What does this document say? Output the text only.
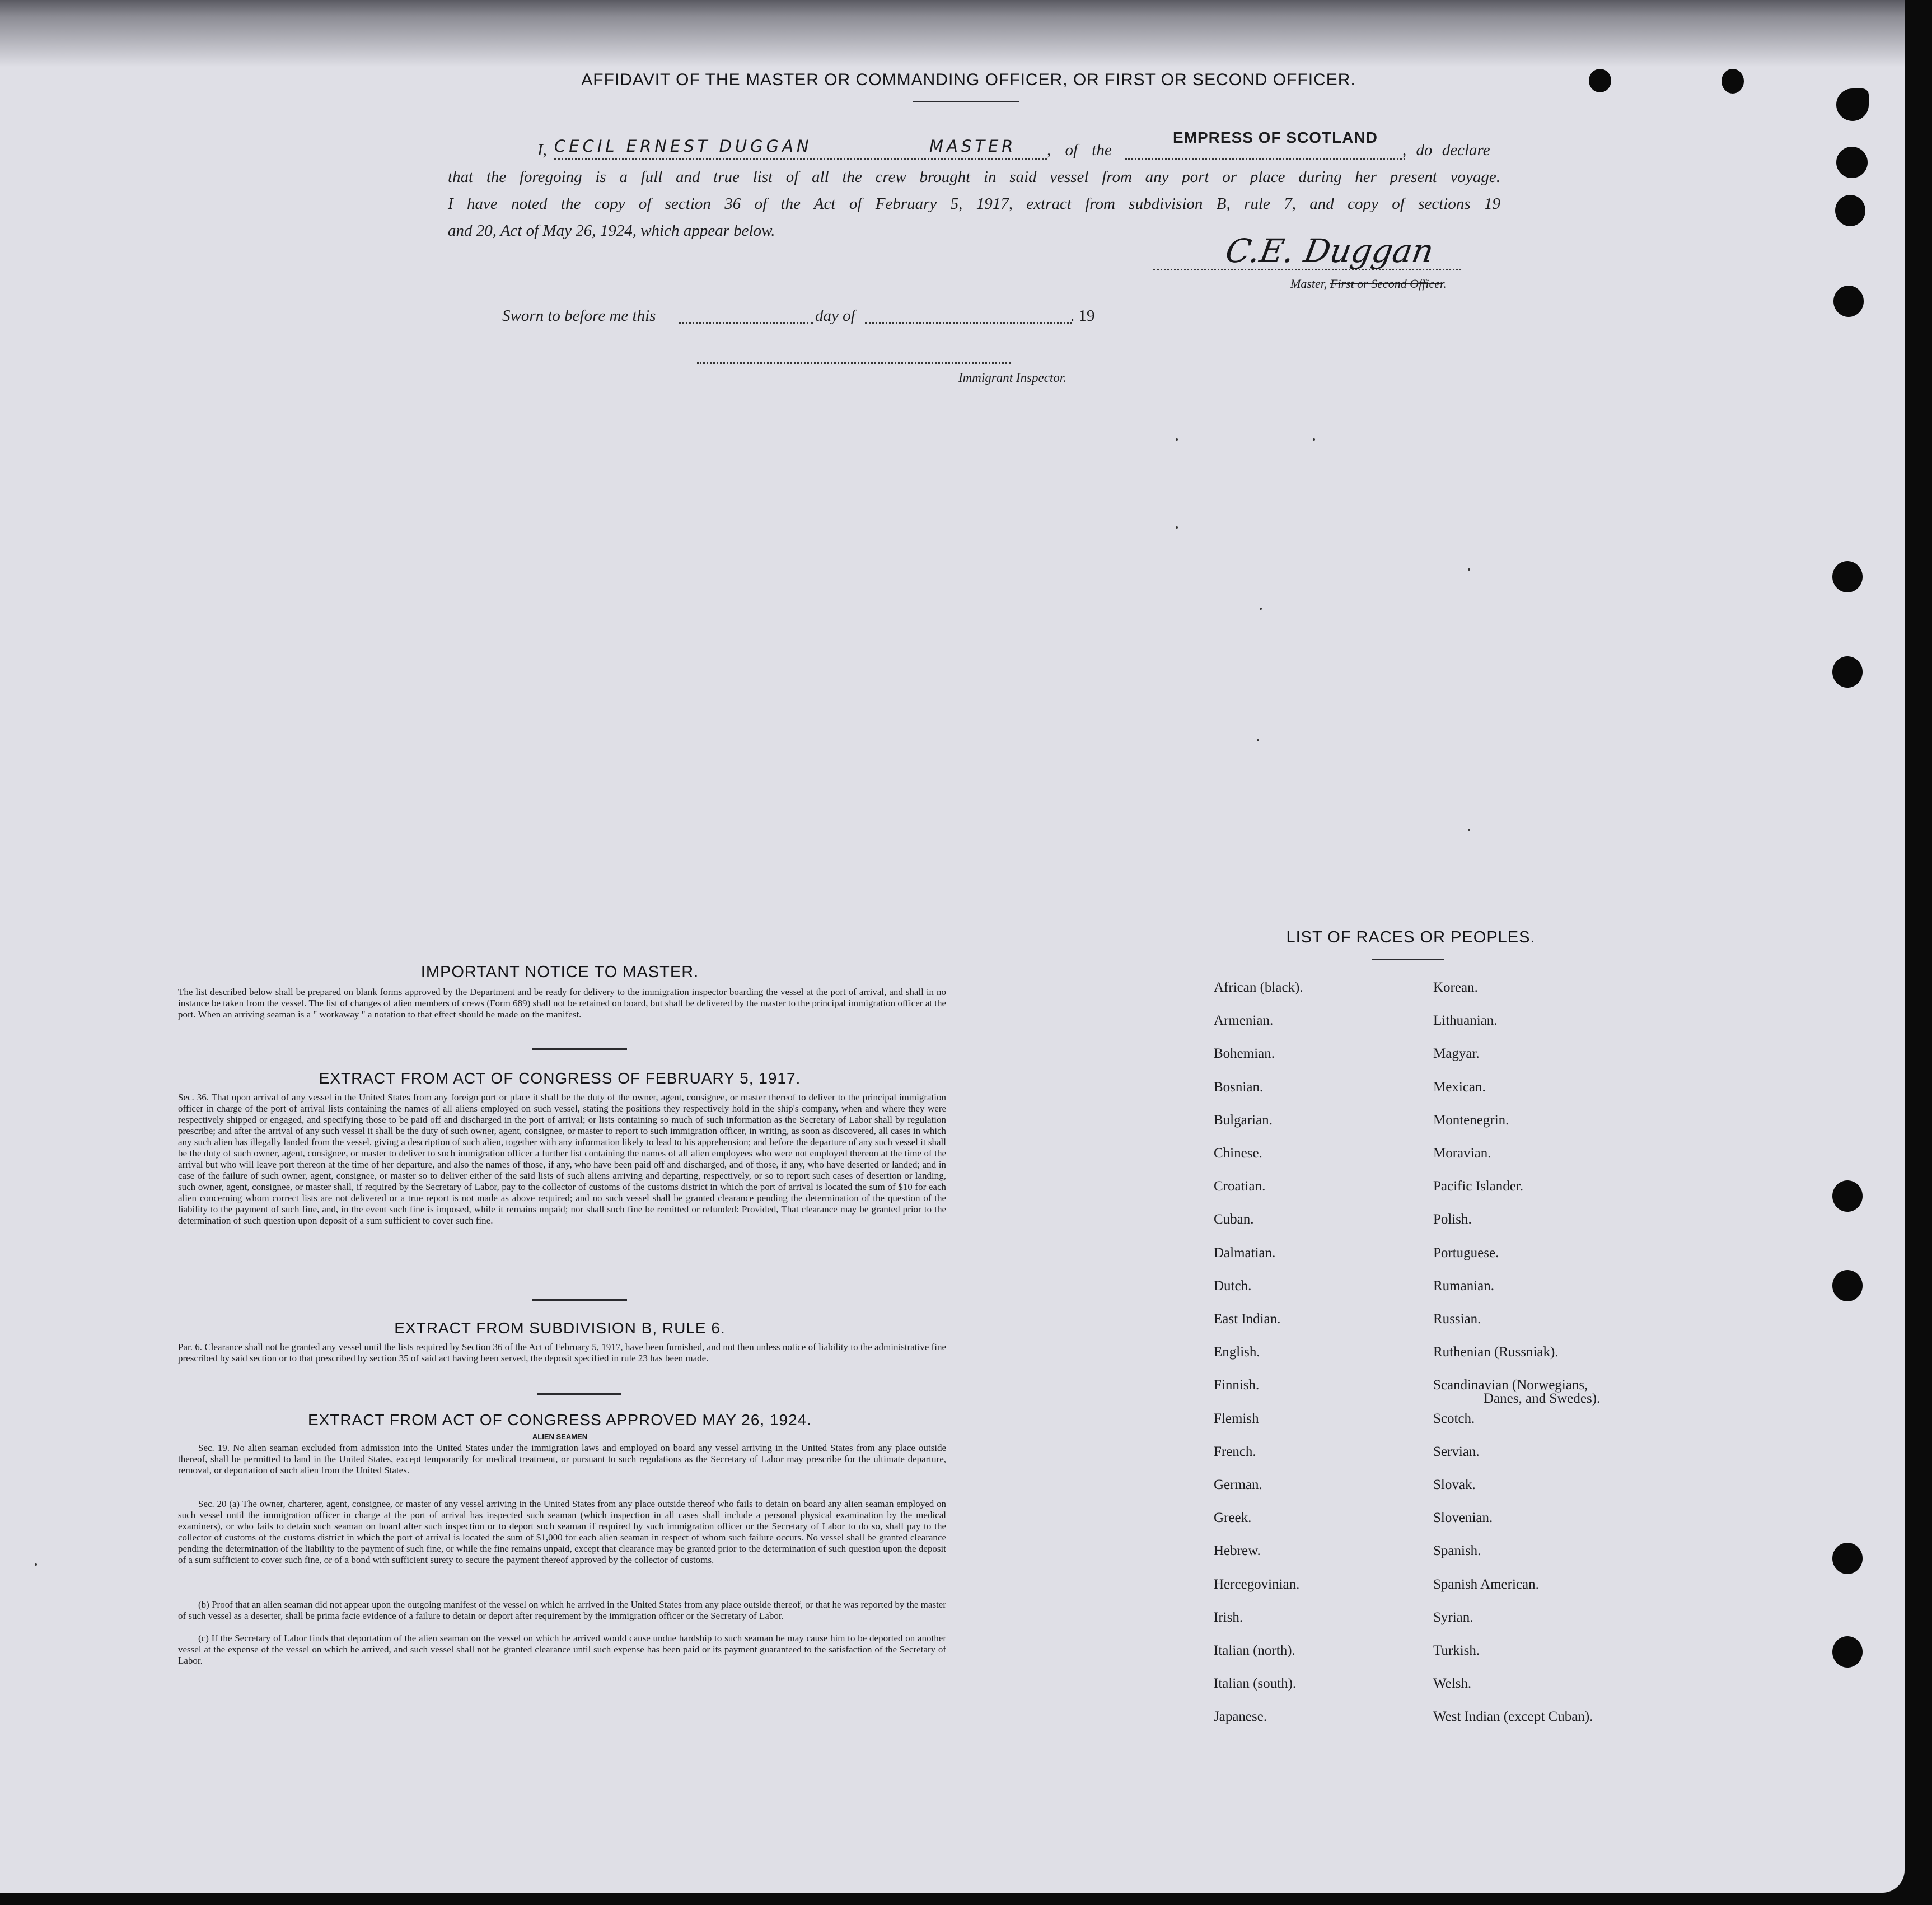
AFFIDAVIT OF THE MASTER OR COMMANDING OFFICER, OR FIRST OR SECOND OFFICER.
I, CECIL ERNEST DUGGAN	MASTER , of the
EMPRESS OF SCOTLAND
, do declare
that the foregoing is a full and true list of all the crew brought in said vessel from any port or place during her present voyage.
I have noted the copy of section 36 of the Act of February 5, 1917, extract from subdivision B, rule 7, and copy of sections 19
and 20, Act of May 26, 1924, which appear below.
C.E. Duggan
Master, First or Second Officer.
Sworn to before me this	day of	. 19
Immigrant Inspector.
IMPORTANT NOTICE TO MASTER.
The list described below shall be prepared on blank forms approved by the Department and be ready for delivery to the immigration inspector boarding the vessel at the port of arrival, and shall in no instance be taken from the vessel. The list of changes of alien members of crews (Form 689) shall not be retained on board, but shall be delivered by the master to the principal immigration officer at the port. When an arriving seaman is a " workaway " a notation to that effect should be made on the manifest.
EXTRACT FROM ACT OF CONGRESS OF FEBRUARY 5, 1917.
Sec. 36. That upon arrival of any vessel in the United States from any foreign port or place it shall be the duty of the owner, agent, consignee, or master thereof to deliver to the principal immigration officer in charge of the port of arrival lists containing the names of all aliens employed on such vessel, stating the positions they respectively hold in the ship's company, when and where they were respectively shipped or engaged, and specifying those to be paid off and discharged in the port of arrival; or lists containing so much of such information as the Secretary of Labor shall by regulation prescribe; and after the arrival of any such vessel it shall be the duty of such owner, agent, consignee, or master to report to such immigration officer, in writing, as soon as discovered, all cases in which any such alien has illegally landed from the vessel, giving a description of such alien, together with any information likely to lead to his apprehension; and before the departure of any such vessel it shall be the duty of such owner, agent, consignee, or master to deliver to such immigration officer a further list containing the names of all alien employees who were not employed thereon at the time of the arrival but who will leave port thereon at the time of her departure, and also the names of those, if any, who have been paid off and discharged, and of those, if any, who have deserted or landed; and in case of the failure of such owner, agent, consignee, or master so to deliver either of the said lists of such aliens arriving and departing, respectively, or so to report such cases of desertion or landing, such owner, agent, consignee, or master shall, if required by the Secretary of Labor, pay to the collector of customs of the customs district in which the port of arrival is located the sum of $10 for each alien concerning whom correct lists are not delivered or a true report is not made as above required; and no such vessel shall be granted clearance pending the determination of the question of the liability to the payment of such fine, and, in the event such fine is imposed, while it remains unpaid; nor shall such fine be remitted or refunded: Provided, That clearance may be granted prior to the determination of such question upon deposit of a sum sufficient to cover such fine.
EXTRACT FROM SUBDIVISION B, RULE 6.
Par. 6. Clearance shall not be granted any vessel until the lists required by Section 36 of the Act of February 5, 1917, have been furnished, and not then unless notice of liability to the administrative fine prescribed by said section or to that prescribed by section 35 of said act having been served, the deposit specified in rule 23 has been made.
EXTRACT FROM ACT OF CONGRESS APPROVED MAY 26, 1924.
ALIEN SEAMEN
Sec. 19. No alien seaman excluded from admission into the United States under the immigration laws and employed on board any vessel arriving in the United States from any place outside thereof, shall be permitted to land in the United States, except temporarily for medical treatment, or pursuant to such regulations as the Secretary of Labor may prescribe for the ultimate departure, removal, or deportation of such alien from the United States.
Sec. 20 (a) The owner, charterer, agent, consignee, or master of any vessel arriving in the United States from any place outside thereof who fails to detain on board any alien seaman employed on such vessel until the immigration officer in charge at the port of arrival has inspected such seaman (which inspection in all cases shall include a personal physical examination by the medical examiners), or who fails to detain such seaman on board after such inspection or to deport such seaman if required by such immigration officer or the Secretary of Labor to do so, shall pay to the collector of customs of the customs district in which the port of arrival is located the sum of $1,000 for each alien seaman in respect of whom such failure occurs. No vessel shall be granted clearance pending the determination of the liability to the payment of such fine, or while the fine remains unpaid, except that clearance may be granted prior to the determination of such question upon the deposit of a sum sufficient to cover such fine, or of a bond with sufficient surety to secure the payment thereof approved by the collector of customs.
(b) Proof that an alien seaman did not appear upon the outgoing manifest of the vessel on which he arrived in the United States from any place outside thereof, or that he was reported by the master of such vessel as a deserter, shall be prima facie evidence of a failure to detain or deport after requirement by the immigration officer or the Secretary of Labor.
(c) If the Secretary of Labor finds that deportation of the alien seaman on the vessel on which he arrived would cause undue hardship to such seaman he may cause him to be deported on another vessel at the expense of the vessel on which he arrived, and such vessel shall not be granted clearance until such expense has been paid or its payment guaranteed to the satisfaction of the Secretary of Labor.
LIST OF RACES OR PEOPLES.
African (black).
Armenian.
Bohemian.
Bosnian.
Bulgarian.
Chinese.
Croatian.
Cuban.
Dalmatian.
Dutch.
East Indian.
English.
Finnish.
Flemish
French.
German.
Greek.
Hebrew.
Hercegovinian.
Irish.
Italian (north).
Italian (south).
Japanese.
Korean.
Lithuanian.
Magyar.
Mexican.
Montenegrin.
Moravian.
Pacific Islander.
Polish.
Portuguese.
Rumanian.
Russian.
Ruthenian (Russniak).
Scandinavian (Norwegians,
Danes, and Swedes).
Scotch.
Servian.
Slovak.
Slovenian.
Spanish.
Spanish American.
Syrian.
Turkish.
Welsh.
West Indian (except Cuban).
